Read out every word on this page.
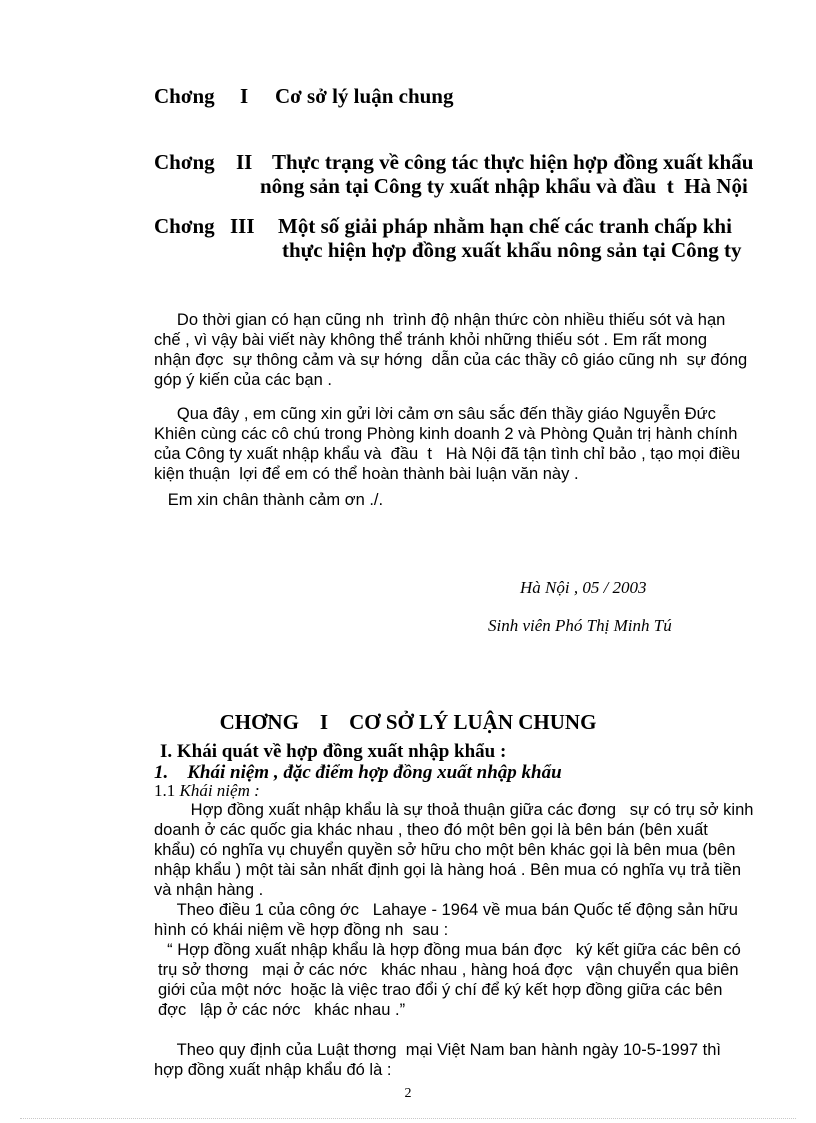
Chơng I Cơ sở lý luận chung
Chơng II Thực trạng về công tác thực hiện hợp đồng xuất khẩu
nông sản tại Công ty xuất nhập khẩu và đầu  t  Hà Nội
Chơng III Một số giải pháp nhằm hạn chế các tranh chấp khi
thực hiện hợp đồng xuất khẩu nông sản tại Công ty
Do thời gian có hạn cũng nh  trình độ nhận thức còn nhiều thiếu sót và hạn
chế , vì vậy bài viết này không thể tránh khỏi những thiếu sót . Em rất mong
nhận đợc  sự thông cảm và sự hớng  dẫn của các thầy cô giáo cũng nh  sự đóng
góp ý kiến của các bạn .
Qua đây , em cũng xin gửi lời cảm ơn sâu sắc đến thầy giáo Nguyễn Đức
Khiên cùng các cô chú trong Phòng kinh doanh 2 và Phòng Quản trị hành chính
của Công ty xuất nhập khẩu và  đầu  t   Hà Nội đã tận tình chỉ bảo , tạo mọi điều
kiện thuận  lợi để em có thể hoàn thành bài luận văn này .
Em xin chân thành cảm ơn ./.
Hà Nội , 05 / 2003
Sinh viên Phó Thị Minh Tú
CHƠNG    I    CƠ SỞ LÝ LUẬN CHUNG
I. Khái quát về hợp đồng xuất nhập khẩu :
1.    Khái niệm , đặc điểm hợp đồng xuất nhập khẩu
1.1 Khái niệm :
Hợp đồng xuất nhập khẩu là sự thoả thuận giữa các đơng   sự có trụ sở kinh
doanh ở các quốc gia khác nhau , theo đó một bên gọi là bên bán (bên xuất
khẩu) có nghĩa vụ chuyển quyền sở hữu cho một bên khác gọi là bên mua (bên
nhập khẩu ) một tài sản nhất định gọi là hàng hoá . Bên mua có nghĩa vụ trả tiền
và nhận hàng .
Theo điều 1 của công ớc   Lahaye - 1964 về mua bán Quốc tế động sản hữu
hình có khái niệm về hợp đồng nh  sau :
“ Hợp đồng xuất nhập khẩu là hợp đồng mua bán đợc   ký kết giữa các bên có
trụ sở thơng   mại ở các nớc   khác nhau , hàng hoá đợc   vận chuyển qua biên
giới của một nớc  hoặc là việc trao đổi ý chí để ký kết hợp đồng giữa các bên
đợc   lập ở các nớc   khác nhau .”
Theo quy định của Luật thơng  mại Việt Nam ban hành ngày 10-5-1997 thì
hợp đồng xuất nhập khẩu đó là :
2
